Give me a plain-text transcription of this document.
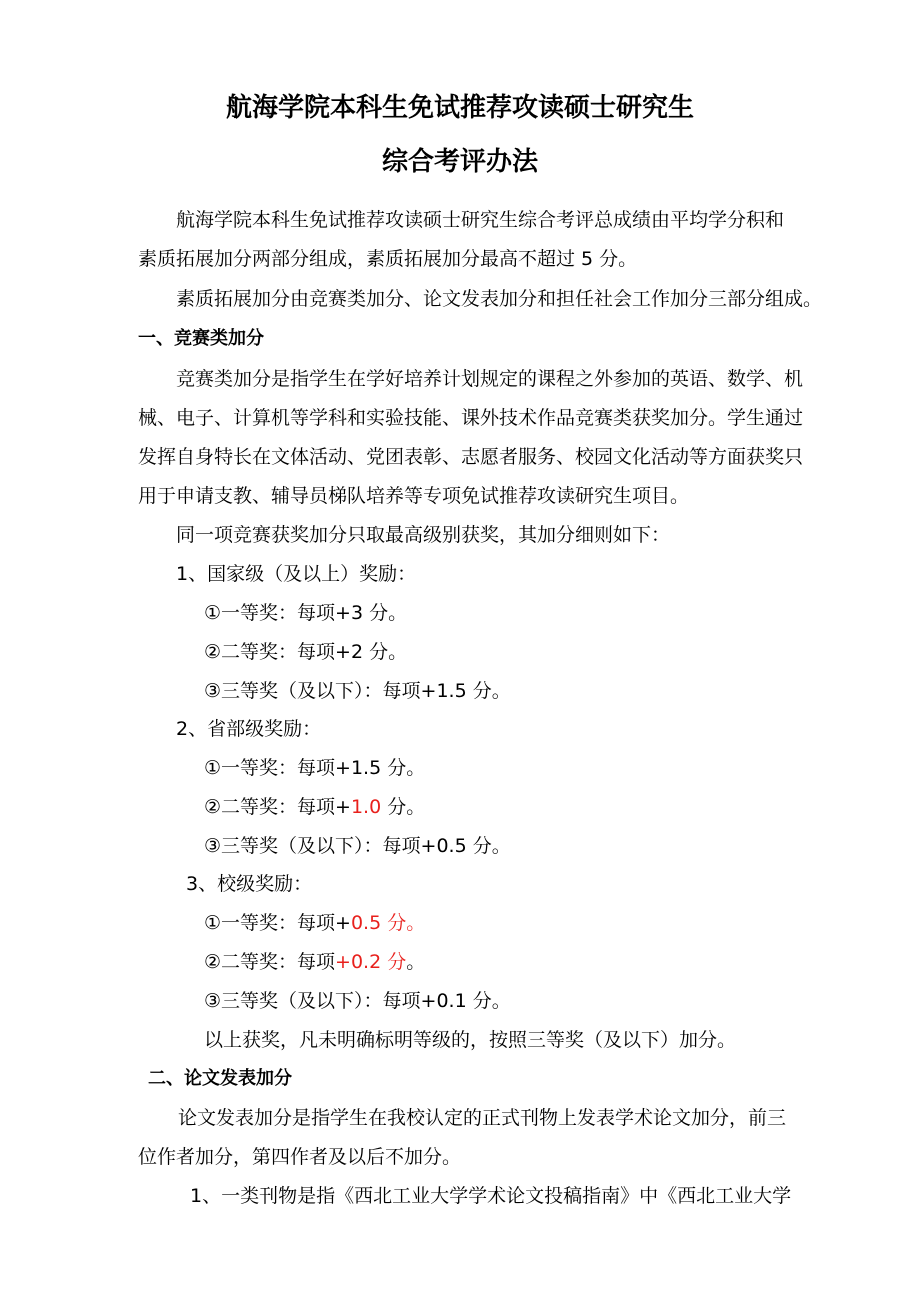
航海学院本科生免试推荐攻读硕士研究生
综合考评办法
航海学院本科生免试推荐攻读硕士研究生综合考评总成绩由平均学分积和
素质拓展加分两部分组成，素质拓展加分最高不超过 5 分。
素质拓展加分由竞赛类加分、论文发表加分和担任社会工作加分三部分组成。
一、竞赛类加分
竞赛类加分是指学生在学好培养计划规定的课程之外参加的英语、数学、机
械、电子、计算机等学科和实验技能、课外技术作品竞赛类获奖加分。学生通过
发挥自身特长在文体活动、党团表彰、志愿者服务、校园文化活动等方面获奖只
用于申请支教、辅导员梯队培养等专项免试推荐攻读研究生项目。
同一项竞赛获奖加分只取最高级别获奖，其加分细则如下：
1、国家级（及以上）奖励：
①一等奖：每项+3 分。
②二等奖：每项+2 分。
③三等奖（及以下）：每项+1.5 分。
2、省部级奖励：
①一等奖：每项+1.5 分。
②二等奖：每项+1.0 分。
③三等奖（及以下）：每项+0.5 分。
3、校级奖励：
①一等奖：每项+0.5 分。
②二等奖：每项+0.2 分。
③三等奖（及以下）：每项+0.1 分。
以上获奖，凡未明确标明等级的，按照三等奖（及以下）加分。
二、论文发表加分
论文发表加分是指学生在我校认定的正式刊物上发表学术论文加分，前三
位作者加分，第四作者及以后不加分。
1、一类刊物是指《西北工业大学学术论文投稿指南》中《西北工业大学
